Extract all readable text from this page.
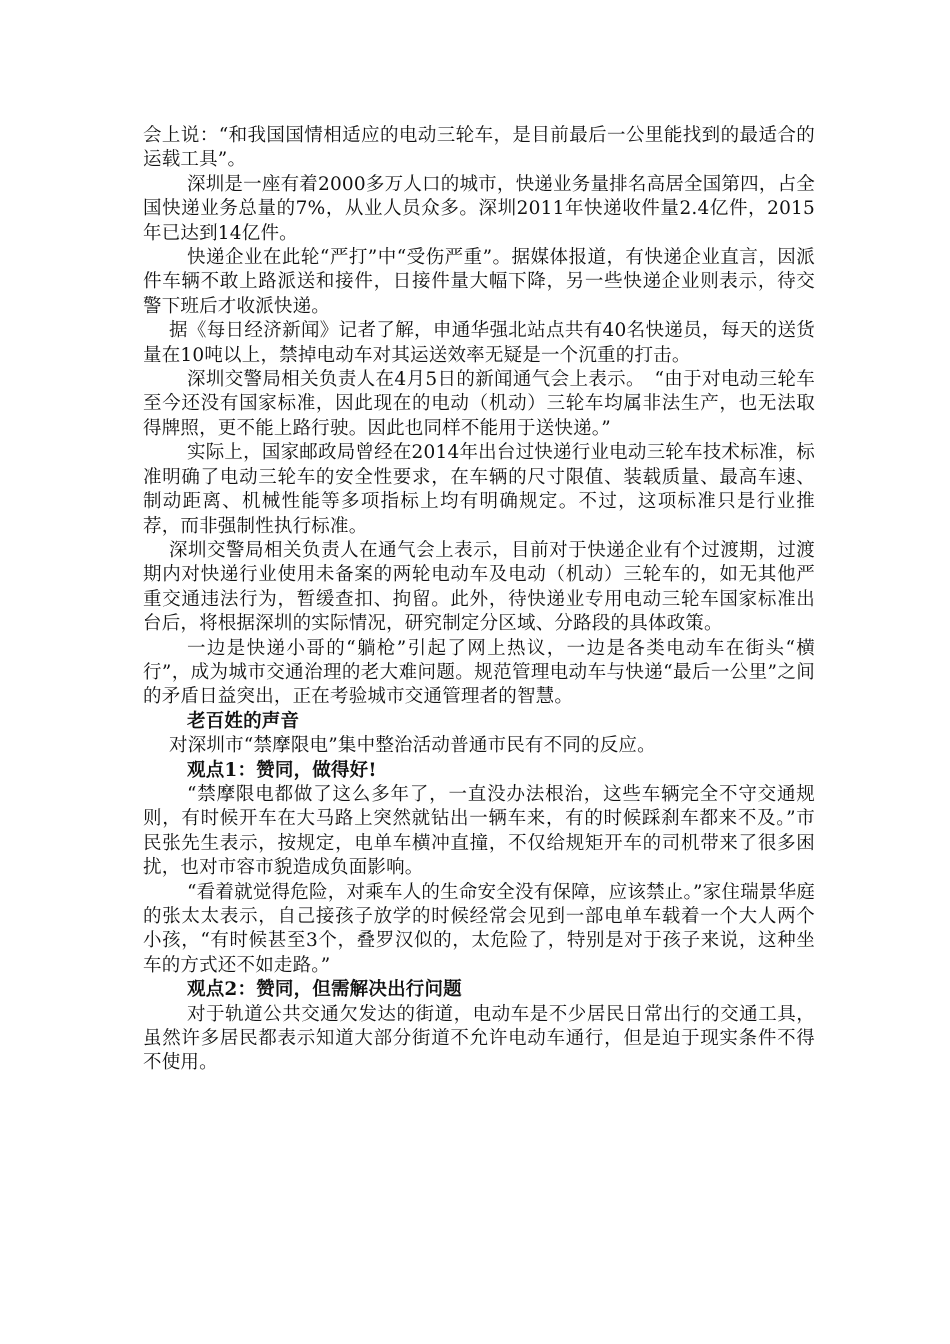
会上说：“和我国国情相适应的电动三轮车，是目前最后一公里能找到的最适合的运载工具”。

深圳是一座有着2000多万人口的城市，快递业务量排名高居全国第四，占全国快递业务总量的7%，从业人员众多。深圳2011年快递收件量2.4亿件，2015年已达到14亿件。

快递企业在此轮“严打”中“受伤严重”。据媒体报道，有快递企业直言，因派件车辆不敢上路派送和接件，日接件量大幅下降，另一些快递企业则表示，待交警下班后才收派快递。

据《每日经济新闻》记者了解，申通华强北站点共有40名快递员，每天的送货量在10吨以上，禁掉电动车对其运送效率无疑是一个沉重的打击。

深圳交警局相关负责人在4月5日的新闻通气会上表示。　“由于对电动三轮车至今还没有国家标准，因此现在的电动（机动）三轮车均属非法生产，也无法取得牌照，更不能上路行驶。因此也同样不能用于送快递。”

实际上，国家邮政局曾经在2014年出台过快递行业电动三轮车技术标准，标准明确了电动三轮车的安全性要求，在车辆的尺寸限值、装载质量、最高车速、制动距离、机械性能等多项指标上均有明确规定。不过，这项标准只是行业推荐，而非强制性执行标准。

深圳交警局相关负责人在通气会上表示，目前对于快递企业有个过渡期，过渡期内对快递行业使用未备案的两轮电动车及电动（机动）三轮车的，如无其他严重交通违法行为，暂缓查扣、拘留。此外，待快递业专用电动三轮车国家标准出台后，将根据深圳的实际情况，研究制定分区域、分路段的具体政策。

一边是快递小哥的“躺枪”引起了网上热议，一边是各类电动车在街头“横行”，成为城市交通治理的老大难问题。规范管理电动车与快递“最后一公里”之间的矛盾日益突出，正在考验城市交通管理者的智慧。

老百姓的声音

对深圳市“禁摩限电”集中整治活动普通市民有不同的反应。

观点1：赞同，做得好!

“禁摩限电都做了这么多年了，一直没办法根治，这些车辆完全不守交通规则，有时候开车在大马路上突然就钻出一辆车来，有的时候踩刹车都来不及。”市民张先生表示，按规定，电单车横冲直撞，不仅给规矩开车的司机带来了很多困扰，也对市容市貌造成负面影响。

“看着就觉得危险，对乘车人的生命安全没有保障，应该禁止。”家住瑞景华庭的张太太表示，自己接孩子放学的时候经常会见到一部电单车载着一个大人两个小孩，“有时候甚至3个，叠罗汉似的，太危险了，特别是对于孩子来说，这种坐车的方式还不如走路。”

观点2：赞同，但需解决出行问题

对于轨道公共交通欠发达的街道，电动车是不少居民日常出行的交通工具，虽然许多居民都表示知道大部分街道不允许电动车通行，但是迫于现实条件不得不使用。
